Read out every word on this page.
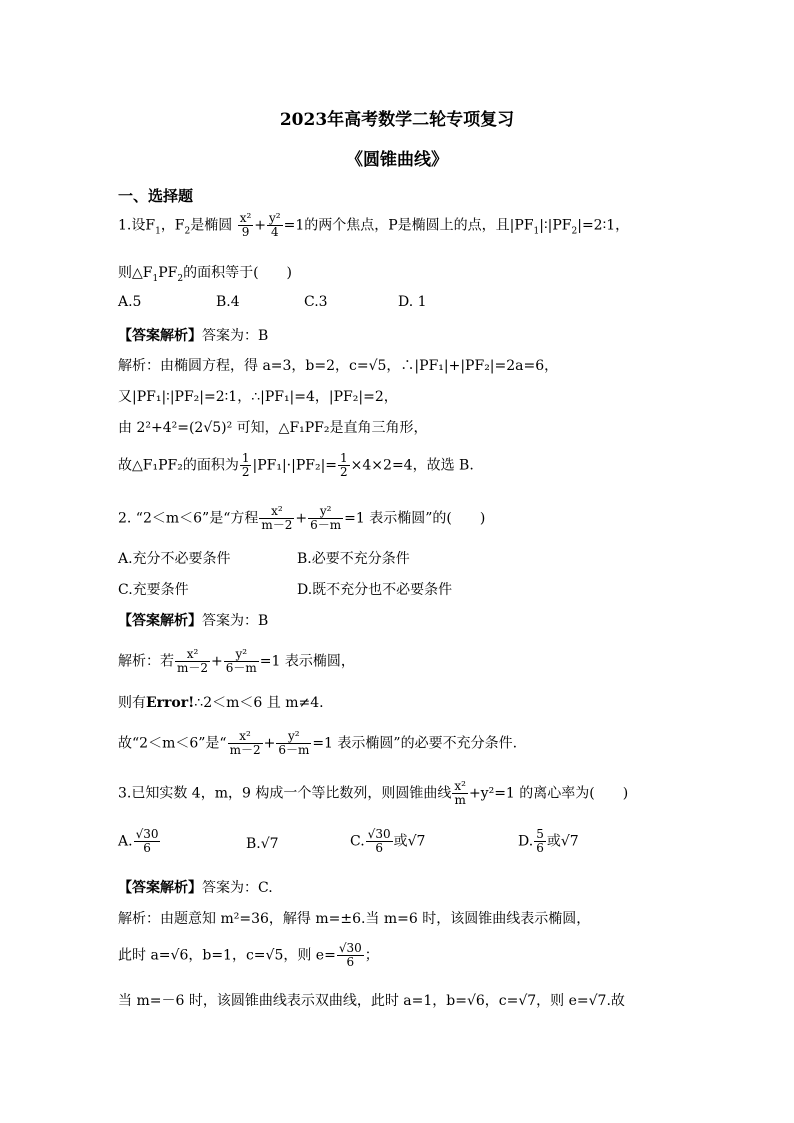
2023年高考数学二轮专项复习
《圆锥曲线》
一、选择题
1.设$F_1$，$F_2$是椭圆 $\frac{\text{x²}}{9} + \frac{\text{y²}}{4} =1$的两个焦点，P是椭圆上的点，且$|PF_1|∶|PF_2|=2∶1$，
则$\triangle F_1PF_2$的面积等于(　　)
A.5	B.4	C.3	D. 1
【答案解析】答案为：B
解析：由椭圆方程，得 a=3，b=2，c=√5，∴|PF₁|+|PF₂|=2a=6，
又|PF₁|∶|PF₂|=2∶1，∴|PF₁|=4，|PF₂|=2，
由 2²+4²=(2√5)² 可知，△F₁PF₂是直角三角形，
故△F₁PF₂的面积为 $\frac{1}{2} |PF_1|\cdot|PF_2|= \frac{1}{2} \times 4\times 2=4$，故选 B.
2. “2＜m＜6”是“方程 $\frac{\text{x²}}{m-2} + \frac{\text{y²}}{6-m} =1$ 表示椭圆”的(　　)
A.充分不必要条件	B.必要不充分条件
C.充要条件	D.既不充分也不必要条件
【答案解析】答案为：B
解析：若 $\frac{\text{x²}}{m-2} + \frac{\text{y²}}{6-m} =1$ 表示椭圆，
则有Error!∴2＜m＜6 且 m≠4.
故“2＜m＜6”是“ $\frac{\text{x²}}{m-2} + \frac{\text{y²}}{6-m} =1$ 表示椭圆”的必要不充分条件.
3.已知实数 4，m，9 构成一个等比数列，则圆锥曲线 $\frac{\text{x²}}{m} +y^2=1$ 的离心率为(　　)
A. $\frac{√30}{6}$	B.√7	C. $\frac{√30}{6}$ 或√7	D. $\frac{5}{6}$ 或√7
【答案解析】答案为：C.
解析：由题意知 m²=36，解得 m=±6.当 m=6 时，该圆锥曲线表示椭圆，
此时 a=√6，b=1，c=√5，则 $e= \frac{√30}{6}$ ；
当 m=－6 时，该圆锥曲线表示双曲线，此时 a=1，b=√6，c=√7，则 e=√7.故
